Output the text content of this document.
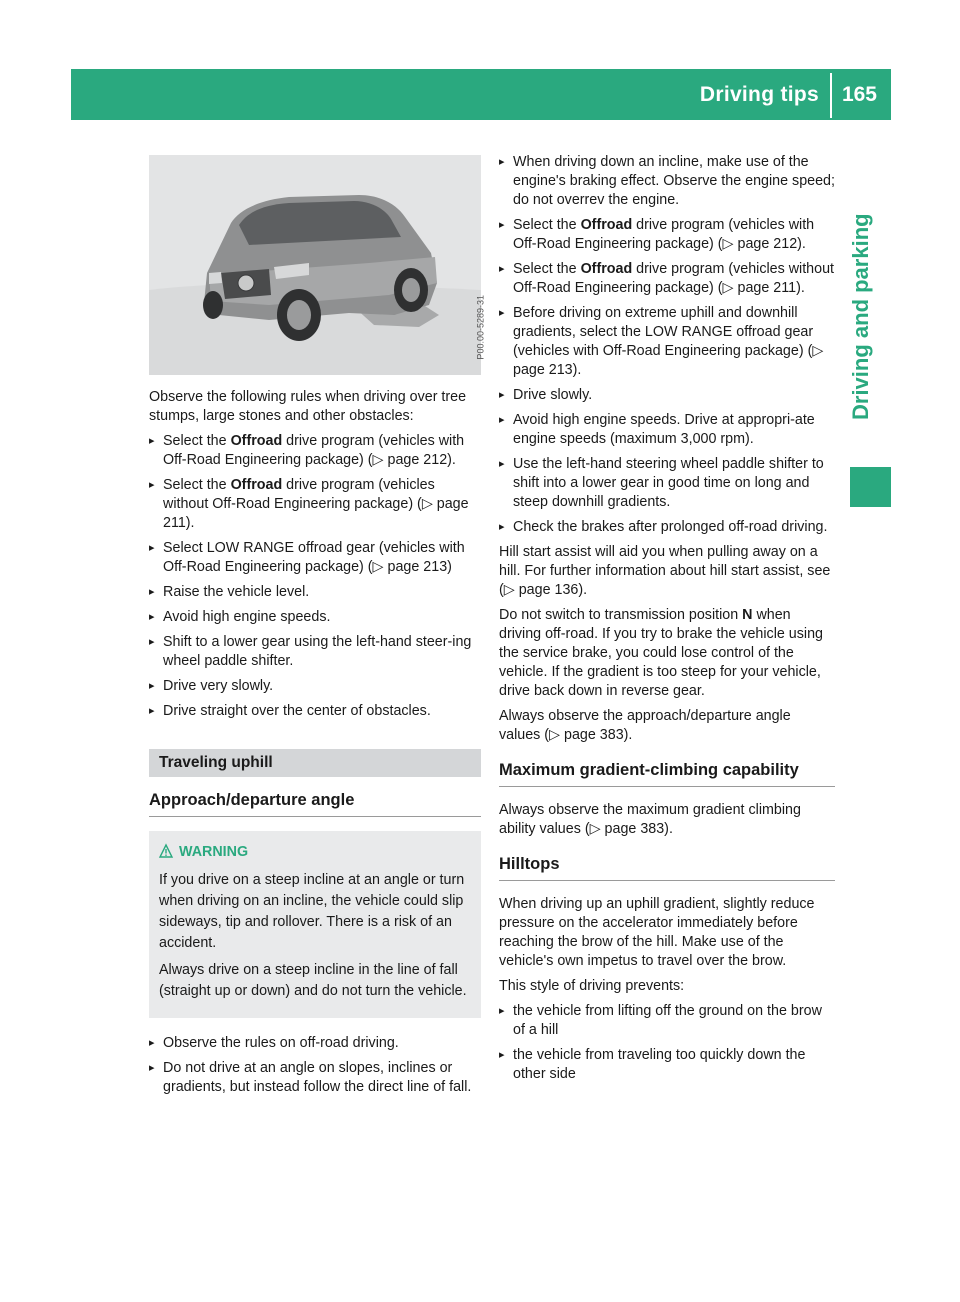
Driving tips 165
Driving and parking
P00.00-5289-31

Observe the following rules when driving over tree stumps, large stones and other obstacles:

▸ Select the Offroad drive program (vehicles with Off-Road Engineering package) (▷ page 212).
▸ Select the Offroad drive program (vehicles without Off-Road Engineering package) (▷ page 211).
▸ Select LOW RANGE offroad gear (vehicles with Off-Road Engineering package) (▷ page 213)
▸ Raise the vehicle level.
▸ Avoid high engine speeds.
▸ Shift to a lower gear using the left-hand steer-ing wheel paddle shifter.
▸ Drive very slowly.
▸ Drive straight over the center of obstacles.
Traveling uphill
Approach/departure angle
WARNING

If you drive on a steep incline at an angle or turn when driving on an incline, the vehicle could slip sideways, tip and rollover. There is a risk of an accident.

Always drive on a steep incline in the line of fall (straight up or down) and do not turn the vehicle.

▸ Observe the rules on off-road driving.
▸ Do not drive at an angle on slopes, inclines or gradients, but instead follow the direct line of fall.
▸ When driving down an incline, make use of the engine's braking effect. Observe the engine speed; do not overrev the engine.
▸ Select the Offroad drive program (vehicles with Off-Road Engineering package) (▷ page 212).
▸ Select the Offroad drive program (vehicles without Off-Road Engineering package) (▷ page 211).
▸ Before driving on extreme uphill and downhill gradients, select the LOW RANGE offroad gear (vehicles with Off-Road Engineering package) (▷ page 213).
▸ Drive slowly.
▸ Avoid high engine speeds. Drive at appropri-ate engine speeds (maximum 3,000 rpm).
▸ Use the left-hand steering wheel paddle shifter to shift into a lower gear in good time on long and steep downhill gradients.
▸ Check the brakes after prolonged off-road driving.

Hill start assist will aid you when pulling away on a hill. For further information about hill start assist, see (▷ page 136).

Do not switch to transmission position N when driving off-road. If you try to brake the vehicle using the service brake, you could lose control of the vehicle. If the gradient is too steep for your vehicle, drive back down in reverse gear.

Always observe the approach/departure angle values (▷ page 383).

Maximum gradient-climbing capability

Always observe the maximum gradient climbing ability values (▷ page 383).

Hilltops

When driving up an uphill gradient, slightly reduce pressure on the accelerator immediately before reaching the brow of the hill. Make use of the vehicle's own impetus to travel over the brow.

This style of driving prevents:

▸ the vehicle from lifting off the ground on the brow of a hill
▸ the vehicle from traveling too quickly down the other side
